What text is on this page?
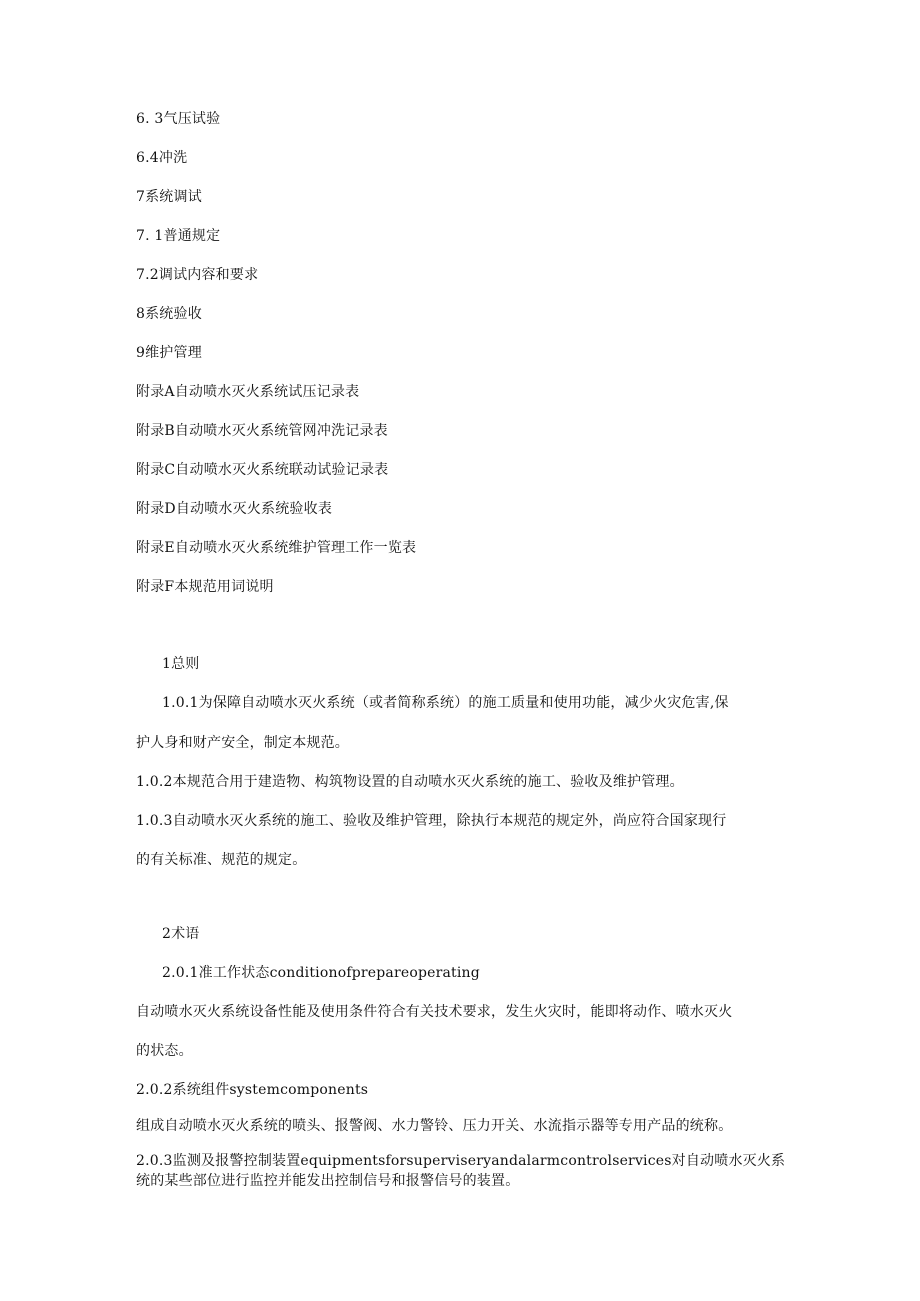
6. 3气压试验
6.4冲洗
7系统调试
7. 1普通规定
7.2调试内容和要求
8系统验收
9维护管理
附录A自动喷水灭火系统试压记录表
附录B自动喷水灭火系统管网冲洗记录表
附录C自动喷水灭火系统联动试验记录表
附录D自动喷水灭火系统验收表
附录E自动喷水灭火系统维护管理工作一览表
附录F本规范用词说明
1总则
1.0.1为保障自动喷水灭火系统（或者简称系统）的施工质量和使用功能，减少火灾危害,保
护人身和财产安全，制定本规范。
1.0.2本规范合用于建造物、构筑物设置的自动喷水灭火系统的施工、验收及维护管理。
1.0.3自动喷水灭火系统的施工、验收及维护管理，除执行本规范的规定外，尚应符合国家现行
的有关标准、规范的规定。
2术语
2.0.1准工作状态conditionofprepareoperating
自动喷水灭火系统设备性能及使用条件符合有关技术要求，发生火灾时，能即将动作、喷水灭火
的状态。
2.0.2系统组件systemcomponents
组成自动喷水灭火系统的喷头、报警阀、水力警铃、压力开关、水流指示器等专用产品的统称。
2.0.3监测及报警控制装置equipmentsforsuperviseryandalarmcontrolservices对自动喷水灭火系统的某些部位进行监控并能发出控制信号和报警信号的装置。
